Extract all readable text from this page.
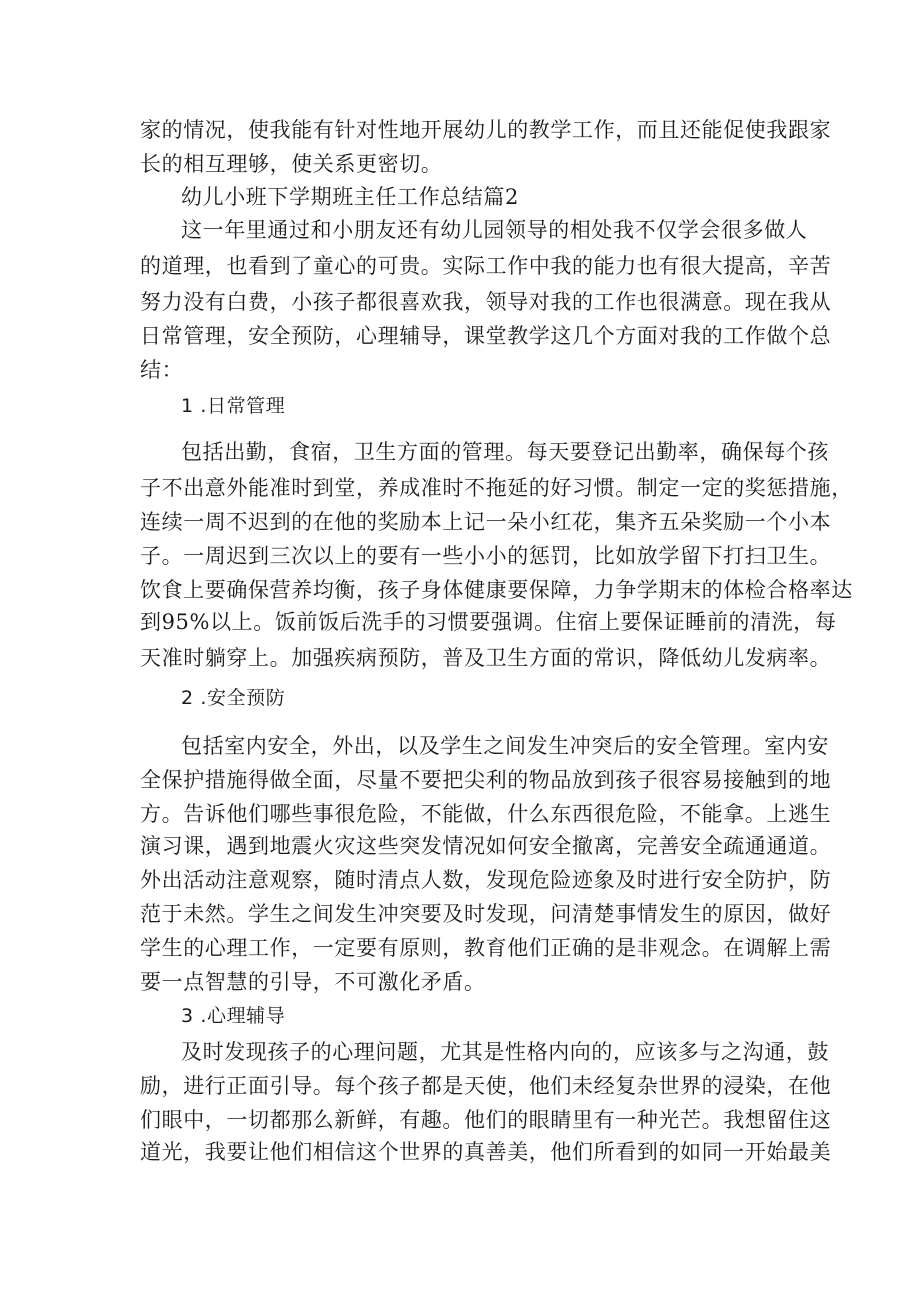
家的情况，使我能有针对性地开展幼儿的教学工作，而且还能促使我跟家
长的相互理够，使关系更密切。
幼儿小班下学期班主任工作总结篇2
这一年里通过和小朋友还有幼儿园领导的相处我不仅学会很多做人
的道理，也看到了童心的可贵。实际工作中我的能力也有很大提高，辛苦
努力没有白费，小孩子都很喜欢我，领导对我的工作也很满意。现在我从
日常管理，安全预防，心理辅导，课堂教学这几个方面对我的工作做个总
结：
1 .日常管理
包括出勤，食宿，卫生方面的管理。每天要登记出勤率，确保每个孩
子不出意外能准时到堂，养成准时不拖延的好习惯。制定一定的奖惩措施，
连续一周不迟到的在他的奖励本上记一朵小红花，集齐五朵奖励一个小本
子。一周迟到三次以上的要有一些小小的惩罚，比如放学留下打扫卫生。
饮食上要确保营养均衡，孩子身体健康要保障，力争学期末的体检合格率达
到95%以上。饭前饭后洗手的习惯要强调。住宿上要保证睡前的清洗，每
天准时躺穿上。加强疾病预防，普及卫生方面的常识，降低幼儿发病率。
2 .安全预防
包括室内安全，外出，以及学生之间发生冲突后的安全管理。室内安
全保护措施得做全面，尽量不要把尖利的物品放到孩子很容易接触到的地
方。告诉他们哪些事很危险，不能做，什么东西很危险，不能拿。上逃生
演习课，遇到地震火灾这些突发情况如何安全撤离，完善安全疏通通道。
外出活动注意观察，随时清点人数，发现危险迹象及时进行安全防护，防
范于未然。学生之间发生冲突要及时发现，问清楚事情发生的原因，做好
学生的心理工作，一定要有原则，教育他们正确的是非观念。在调解上需
要一点智慧的引导，不可激化矛盾。
3 .心理辅导
及时发现孩子的心理问题，尤其是性格内向的，应该多与之沟通，鼓
励，进行正面引导。每个孩子都是天使，他们未经复杂世界的浸染，在他
们眼中，一切都那么新鲜，有趣。他们的眼睛里有一种光芒。我想留住这
道光，我要让他们相信这个世界的真善美，他们所看到的如同一开始最美
